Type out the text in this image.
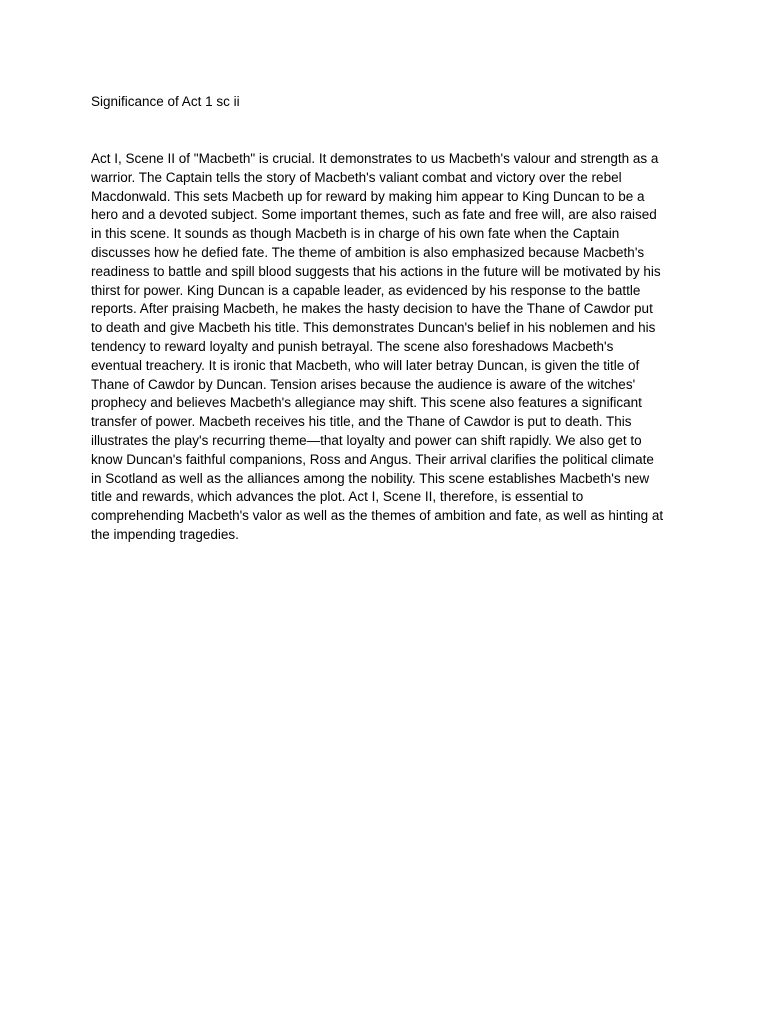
Significance of Act 1 sc ii

Act I, Scene II of "Macbeth" is crucial. It demonstrates to us Macbeth's valour and strength as a
warrior. The Captain tells the story of Macbeth's valiant combat and victory over the rebel
Macdonwald. This sets Macbeth up for reward by making him appear to King Duncan to be a
hero and a devoted subject. Some important themes, such as fate and free will, are also raised
in this scene. It sounds as though Macbeth is in charge of his own fate when the Captain
discusses how he defied fate. The theme of ambition is also emphasized because Macbeth's
readiness to battle and spill blood suggests that his actions in the future will be motivated by his
thirst for power. King Duncan is a capable leader, as evidenced by his response to the battle
reports. After praising Macbeth, he makes the hasty decision to have the Thane of Cawdor put
to death and give Macbeth his title. This demonstrates Duncan's belief in his noblemen and his
tendency to reward loyalty and punish betrayal. The scene also foreshadows Macbeth's
eventual treachery. It is ironic that Macbeth, who will later betray Duncan, is given the title of
Thane of Cawdor by Duncan. Tension arises because the audience is aware of the witches'
prophecy and believes Macbeth's allegiance may shift. This scene also features a significant
transfer of power. Macbeth receives his title, and the Thane of Cawdor is put to death. This
illustrates the play's recurring theme—that loyalty and power can shift rapidly. We also get to
know Duncan's faithful companions, Ross and Angus. Their arrival clarifies the political climate
in Scotland as well as the alliances among the nobility. This scene establishes Macbeth's new
title and rewards, which advances the plot. Act I, Scene II, therefore, is essential to
comprehending Macbeth's valor as well as the themes of ambition and fate, as well as hinting at
the impending tragedies.
